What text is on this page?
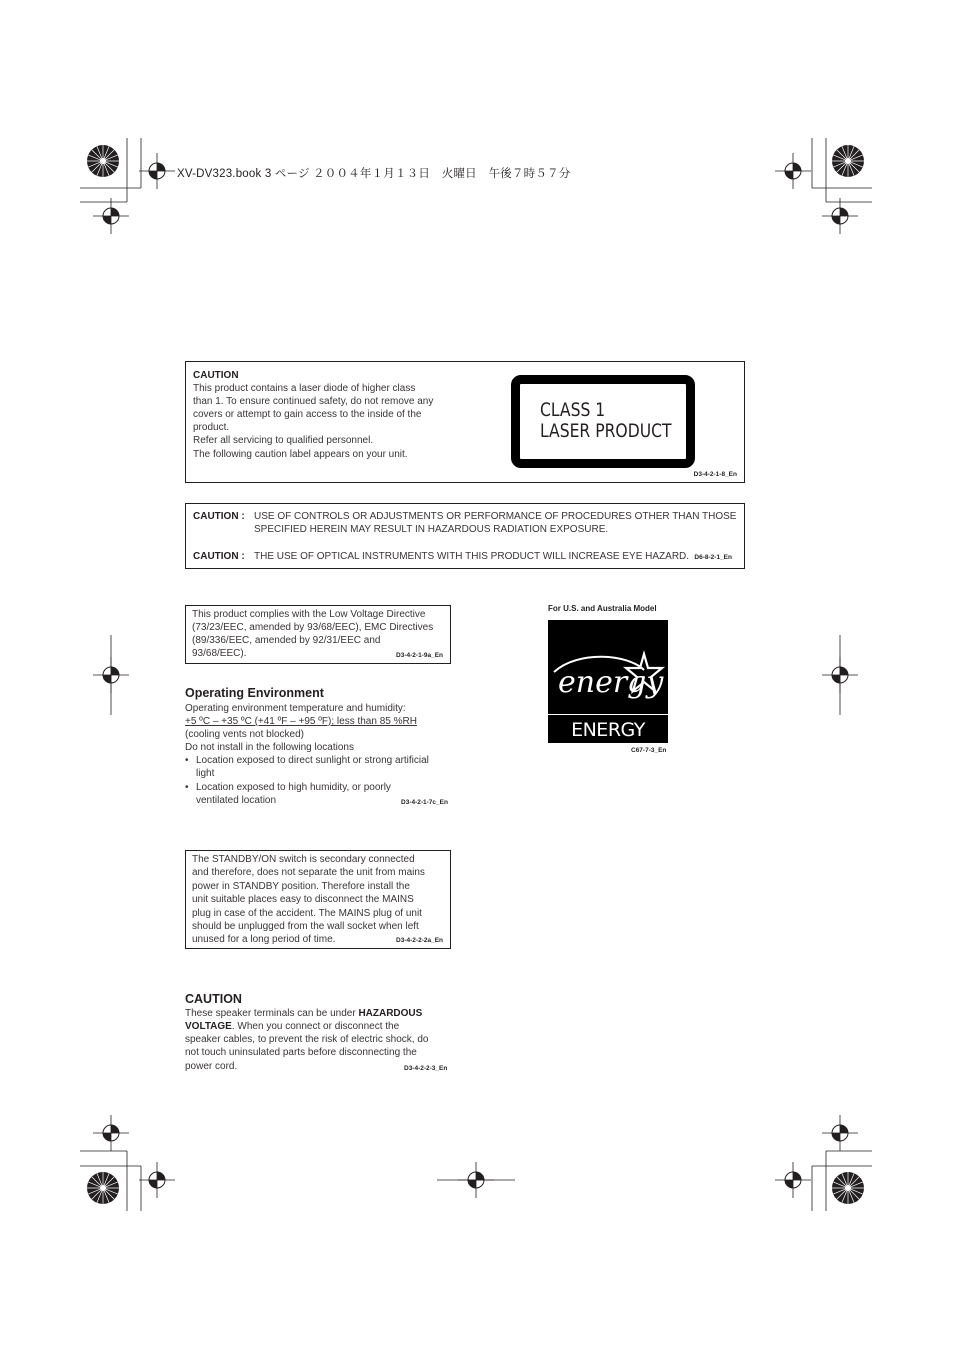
XV-DV323.book 3 ページ ２００４年１月１３日　火曜日　午後７時５７分
CAUTION
This product contains a laser diode of higher class
than 1. To ensure continued safety, do not remove any
covers or attempt to gain access to the inside of the
product.
Refer all servicing to qualified personnel.
The following caution label appears on your unit.
D3-4-2-1-8_En
CLASS 1
LASER PRODUCT
CAUTION : USE OF CONTROLS OR ADJUSTMENTS OR PERFORMANCE OF PROCEDURES OTHER THAN THOSE
SPECIFIED HEREIN MAY RESULT IN HAZARDOUS RADIATION EXPOSURE.
CAUTION : THE USE OF OPTICAL INSTRUMENTS WITH THIS PRODUCT WILL INCREASE EYE HAZARD. D6-8-2-1_En
This product complies with the Low Voltage Directive
(73/23/EEC, amended by 93/68/EEC), EMC Directives
(89/336/EEC, amended by 92/31/EEC and
93/68/EEC).	D3-4-2-1-9a_En
For U.S. and Australia Model
energy
ENERGY STAR C67-7-3_En
Operating Environment
Operating environment temperature and humidity:
+5 ºC – +35 ºC (+41 ºF – +95 ºF); less than 85 %RH
(cooling vents not blocked)
Do not install in the following locations
• Location exposed to direct sunlight or strong artificial
light
• Location exposed to high humidity, or poorly
ventilated location	D3-4-2-1-7c_En
The STANDBY/ON switch is secondary connected
and therefore, does not separate the unit from mains
power in STANDBY position. Therefore install the
unit suitable places easy to disconnect the MAINS
plug in case of the accident. The MAINS plug of unit
should be unplugged from the wall socket when left
unused for a long period of time.	D3-4-2-2-2a_En
CAUTION
These speaker terminals can be under HAZARDOUS
VOLTAGE. When you connect or disconnect the
speaker cables, to prevent the risk of electric shock, do
not touch uninsulated parts before disconnecting the
power cord.	D3-4-2-2-3_En
